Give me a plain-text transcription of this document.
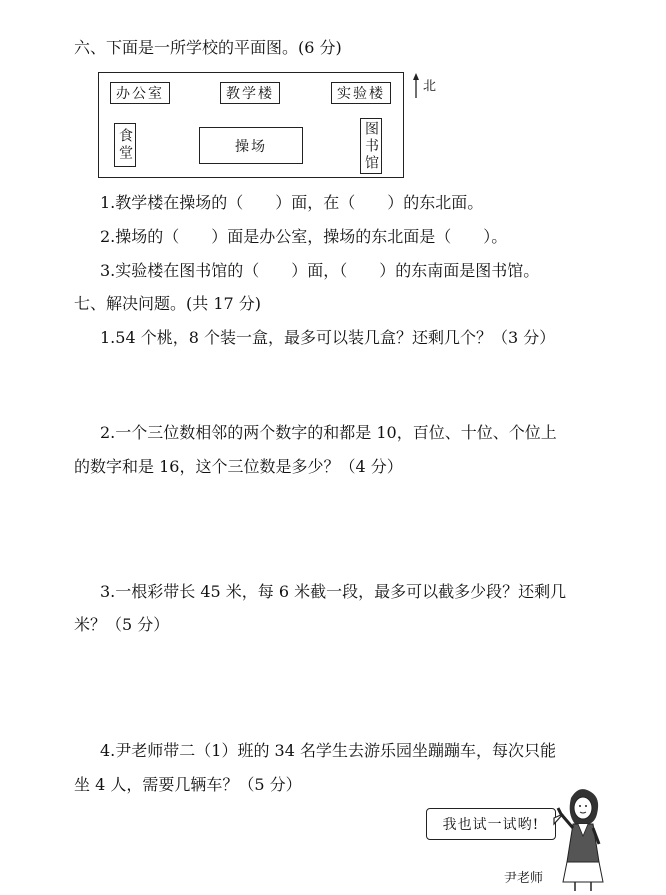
六、下面是一所学校的平面图。(6 分)
办公室	教学楼	实验楼
食堂	操场	图书馆
北
1.教学楼在操场的（　　）面，在（　　）的东北面。
2.操场的（　　）面是办公室，操场的东北面是（　　）。
3.实验楼在图书馆的（　　）面，（　　）的东南面是图书馆。
七、解决问题。(共 17 分)
1.54 个桃，8 个装一盒，最多可以装几盒？还剩几个？（3 分）
2.一个三位数相邻的两个数字的和都是 10，百位、十位、个位上
的数字和是 16，这个三位数是多少？（4 分）
3.一根彩带长 45 米，每 6 米截一段，最多可以截多少段？还剩几
米？（5 分）
4.尹老师带二（1）班的 34 名学生去游乐园坐蹦蹦车，每次只能
坐 4 人，需要几辆车？（5 分）
我也试一试哟!
尹老师
